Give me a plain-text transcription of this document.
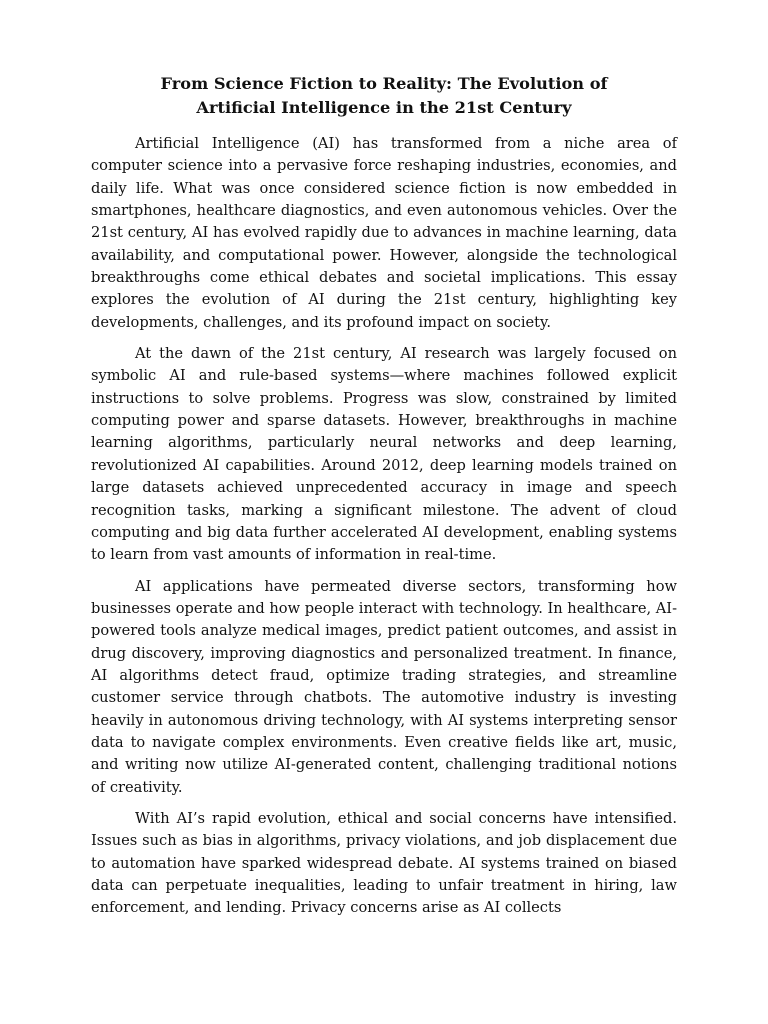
From Science Fiction to Reality: The Evolution of
Artificial Intelligence in the 21st Century

Artificial Intelligence (AI) has transformed from a niche area of computer science into a pervasive force reshaping industries, economies, and daily life. What was once considered science fiction is now embedded in smartphones, healthcare diagnostics, and even autonomous vehicles. Over the 21st century, AI has evolved rapidly due to advances in machine learning, data availability, and computational power. However, alongside the technological breakthroughs come ethical debates and societal implications. This essay explores the evolution of AI during the 21st century, highlighting key developments, challenges, and its profound impact on society.

At the dawn of the 21st century, AI research was largely focused on symbolic AI and rule-based systems—where machines followed explicit instructions to solve problems. Progress was slow, constrained by limited computing power and sparse datasets. However, breakthroughs in machine learning algorithms, particularly neural networks and deep learning, revolutionized AI capabilities. Around 2012, deep learning models trained on large datasets achieved unprecedented accuracy in image and speech recognition tasks, marking a significant milestone. The advent of cloud computing and big data further accelerated AI development, enabling systems to learn from vast amounts of information in real-time.

AI applications have permeated diverse sectors, transforming how businesses operate and how people interact with technology. In healthcare, AI-powered tools analyze medical images, predict patient outcomes, and assist in drug discovery, improving diagnostics and personalized treatment. In finance, AI algorithms detect fraud, optimize trading strategies, and streamline customer service through chatbots. The automotive industry is investing heavily in autonomous driving technology, with AI systems interpreting sensor data to navigate complex environments. Even creative fields like art, music, and writing now utilize AI-generated content, challenging traditional notions of creativity.

With AI’s rapid evolution, ethical and social concerns have intensified. Issues such as bias in algorithms, privacy violations, and job displacement due to automation have sparked widespread debate. AI systems trained on biased data can perpetuate inequalities, leading to unfair treatment in hiring, law enforcement, and lending. Privacy concerns arise as AI collects
